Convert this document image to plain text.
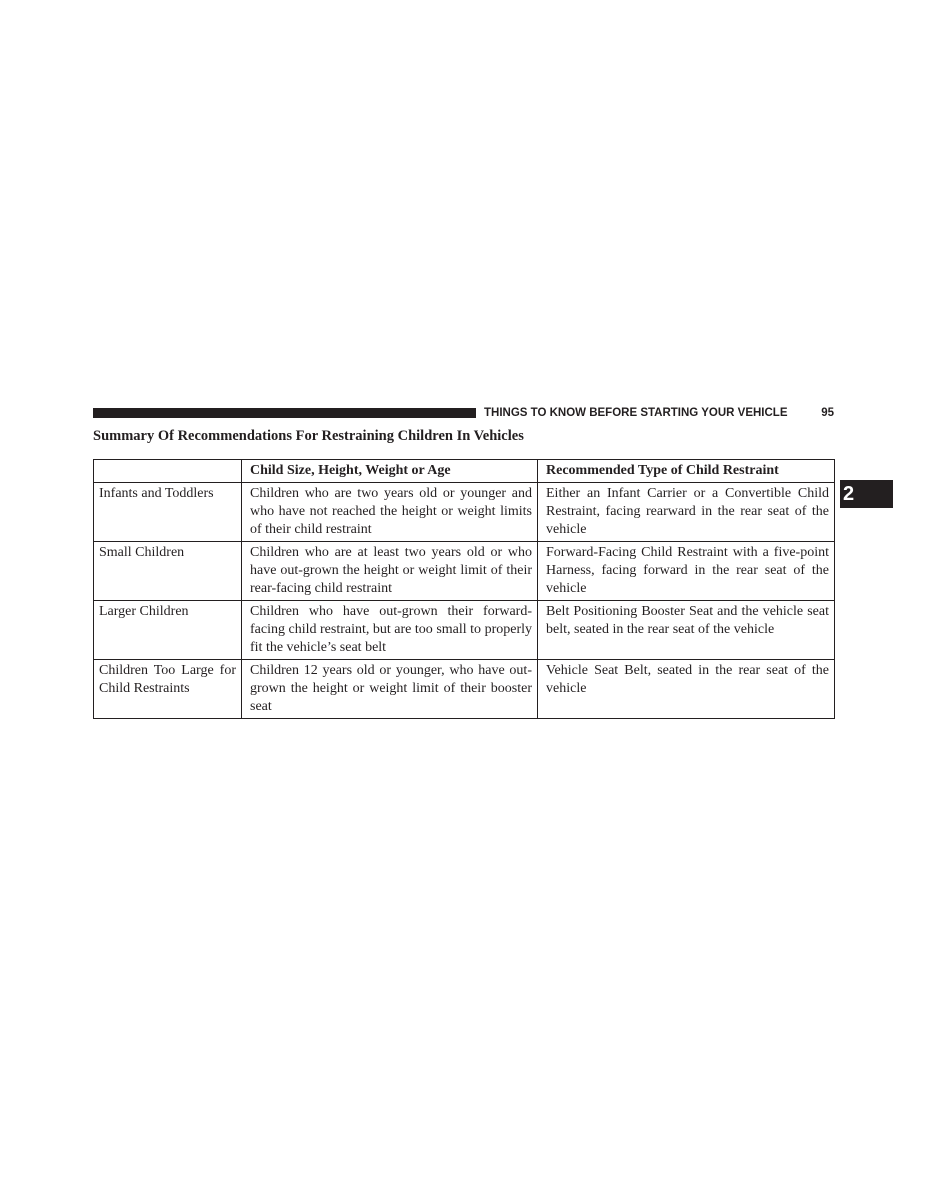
THINGS TO KNOW BEFORE STARTING YOUR VEHICLE	95
Summary Of Recommendations For Restraining Children In Vehicles
2
	Child Size, Height, Weight or Age	Recommended Type of Child Restraint
Infants and Toddlers	Children who are two years old or younger and who have not reached the height or weight limits of their child restraint	Either an Infant Carrier or a Convertible Child Restraint, facing rearward in the rear seat of the vehicle
Small Children	Children who are at least two years old or who have out-grown the height or weight limit of their rear-facing child restraint	Forward-Facing Child Restraint with a five-point Harness, facing forward in the rear seat of the vehicle
Larger Children	Children who have out-grown their forward-facing child restraint, but are too small to properly fit the vehicle’s seat belt	Belt Positioning Booster Seat and the vehicle seat belt, seated in the rear seat of the vehicle
Children Too Large for Child Restraints	Children 12 years old or younger, who have out-grown the height or weight limit of their booster seat	Vehicle Seat Belt, seated in the rear seat of the vehicle
